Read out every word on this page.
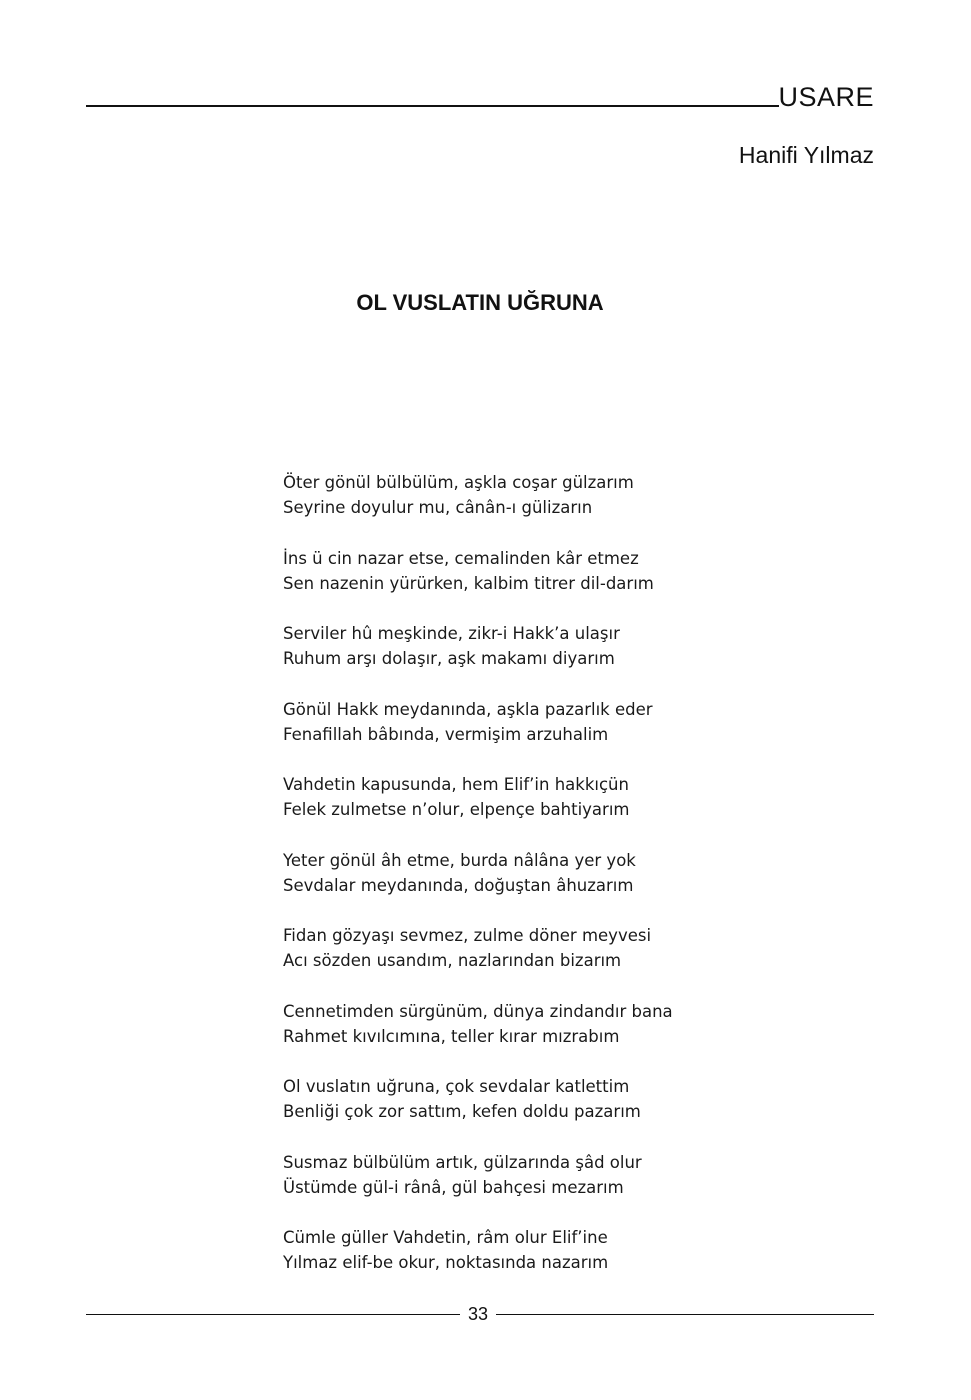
USARE
Hanifi Yılmaz
OL VUSLATIN UĞRUNA
Öter gönül bülbülüm, aşkla coşar gülzarım
Seyrine doyulur mu, cânân-ı gülizarın
İns ü cin nazar etse, cemalinden kâr etmez
Sen nazenin yürürken, kalbim titrer dil-darım
Serviler hû meşkinde, zikr-i Hakk’a ulaşır
Ruhum arşı dolaşır, aşk makamı diyarım
Gönül Hakk meydanında, aşkla pazarlık eder
Fenafillah bâbında, vermişim arzuhalim
Vahdetin kapusunda, hem Elif’in hakkıçün
Felek zulmetse n’olur, elpençe bahtiyarım
Yeter gönül âh etme, burda nâlâna yer yok
Sevdalar meydanında, doğuştan âhuzarım
Fidan gözyaşı sevmez, zulme döner meyvesi
Acı sözden usandım, nazlarından bizarım
Cennetimden sürgünüm, dünya zindandır bana
Rahmet kıvılcımına, teller kırar mızrabım
Ol vuslatın uğruna, çok sevdalar katlettim
Benliği çok zor sattım, kefen doldu pazarım
Susmaz bülbülüm artık, gülzarında şâd olur
Üstümde gül-i rânâ, gül bahçesi mezarım
Cümle güller Vahdetin, râm olur Elif’ine
Yılmaz elif-be okur, noktasında nazarım
33
